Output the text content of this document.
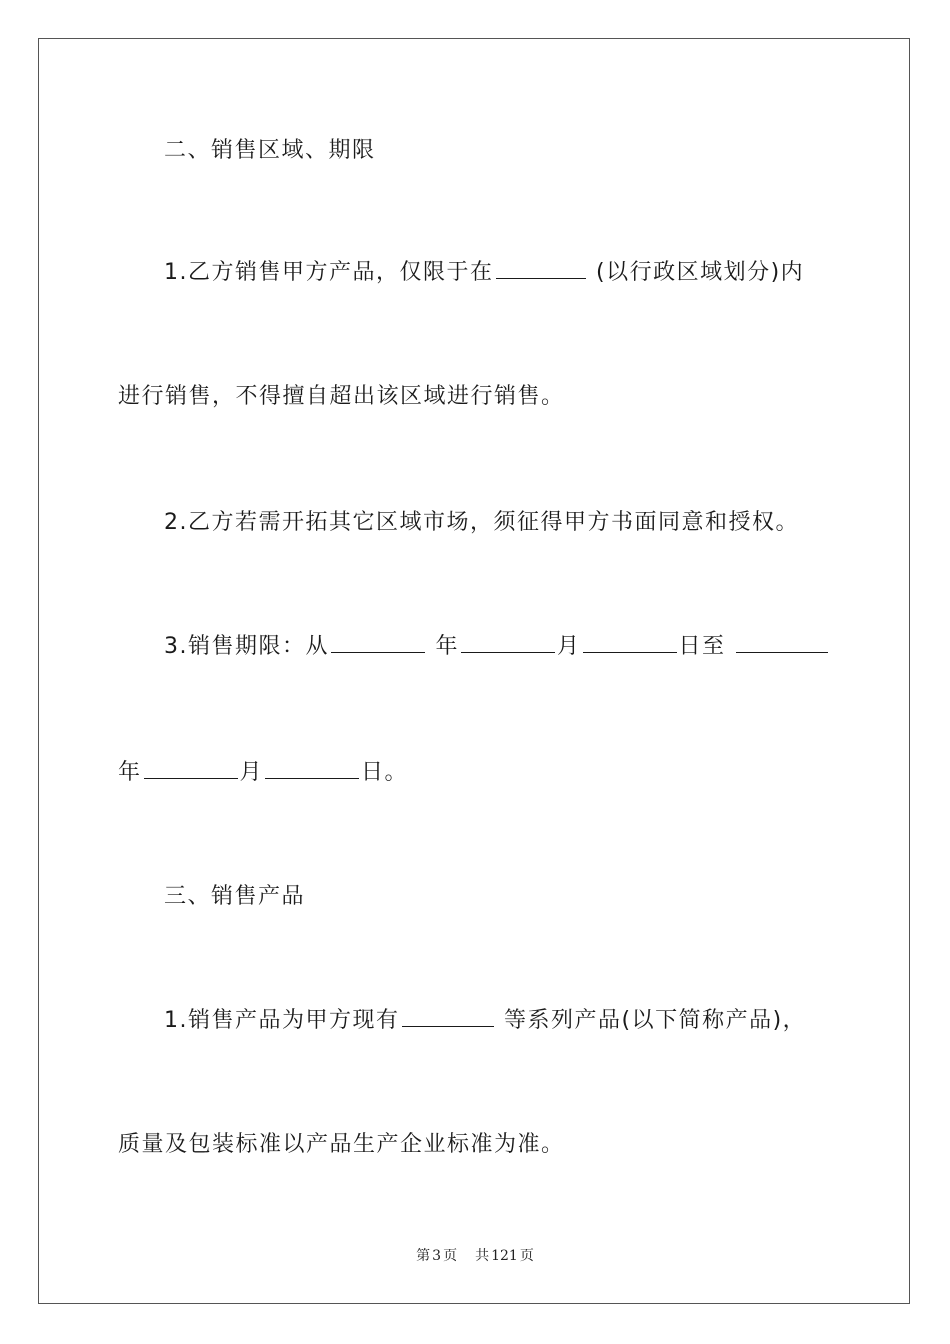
二、销售区域、期限
1.乙方销售甲方产品，仅限于在	(以行政区域划分)内
进行销售，不得擅自超出该区域进行销售。
2.乙方若需开拓其它区域市场，须征得甲方书面同意和授权。
3.销售期限：从	年	月	日至
年	月	日。
三、销售产品
1.销售产品为甲方现有	等系列产品(以下简称产品)，
质量及包装标准以产品生产企业标准为准。
第 3 页 共 121 页
